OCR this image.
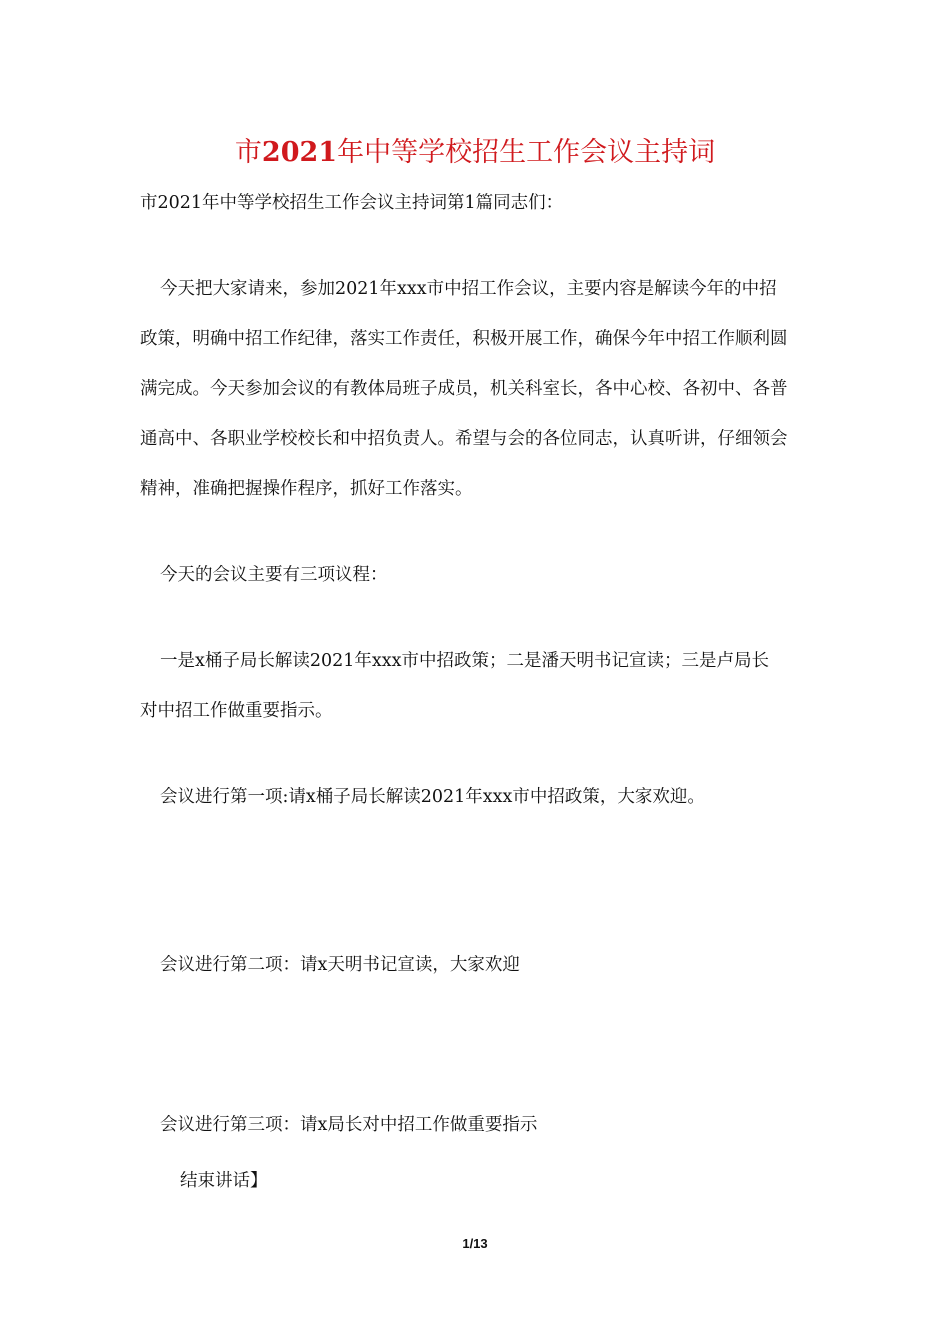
市2021年中等学校招生工作会议主持词

市2021年中等学校招生工作会议主持词第1篇同志们：

今天把大家请来，参加2021年xxx市中招工作会议，主要内容是解读今年的中招
政策，明确中招工作纪律，落实工作责任，积极开展工作，确保今年中招工作顺利圆
满完成。今天参加会议的有教体局班子成员，机关科室长，各中心校、各初中、各普
通高中、各职业学校校长和中招负责人。希望与会的各位同志，认真听讲，仔细领会
精神，准确把握操作程序，抓好工作落实。

今天的会议主要有三项议程：

一是x桶子局长解读2021年xxx市中招政策；二是潘天明书记宣读；三是卢局长
对中招工作做重要指示。

会议进行第一项:请x桶子局长解读2021年xxx市中招政策，大家欢迎。

会议进行第二项：请x天明书记宣读，大家欢迎

会议进行第三项：请x局长对中招工作做重要指示

结束讲话】

1/13
